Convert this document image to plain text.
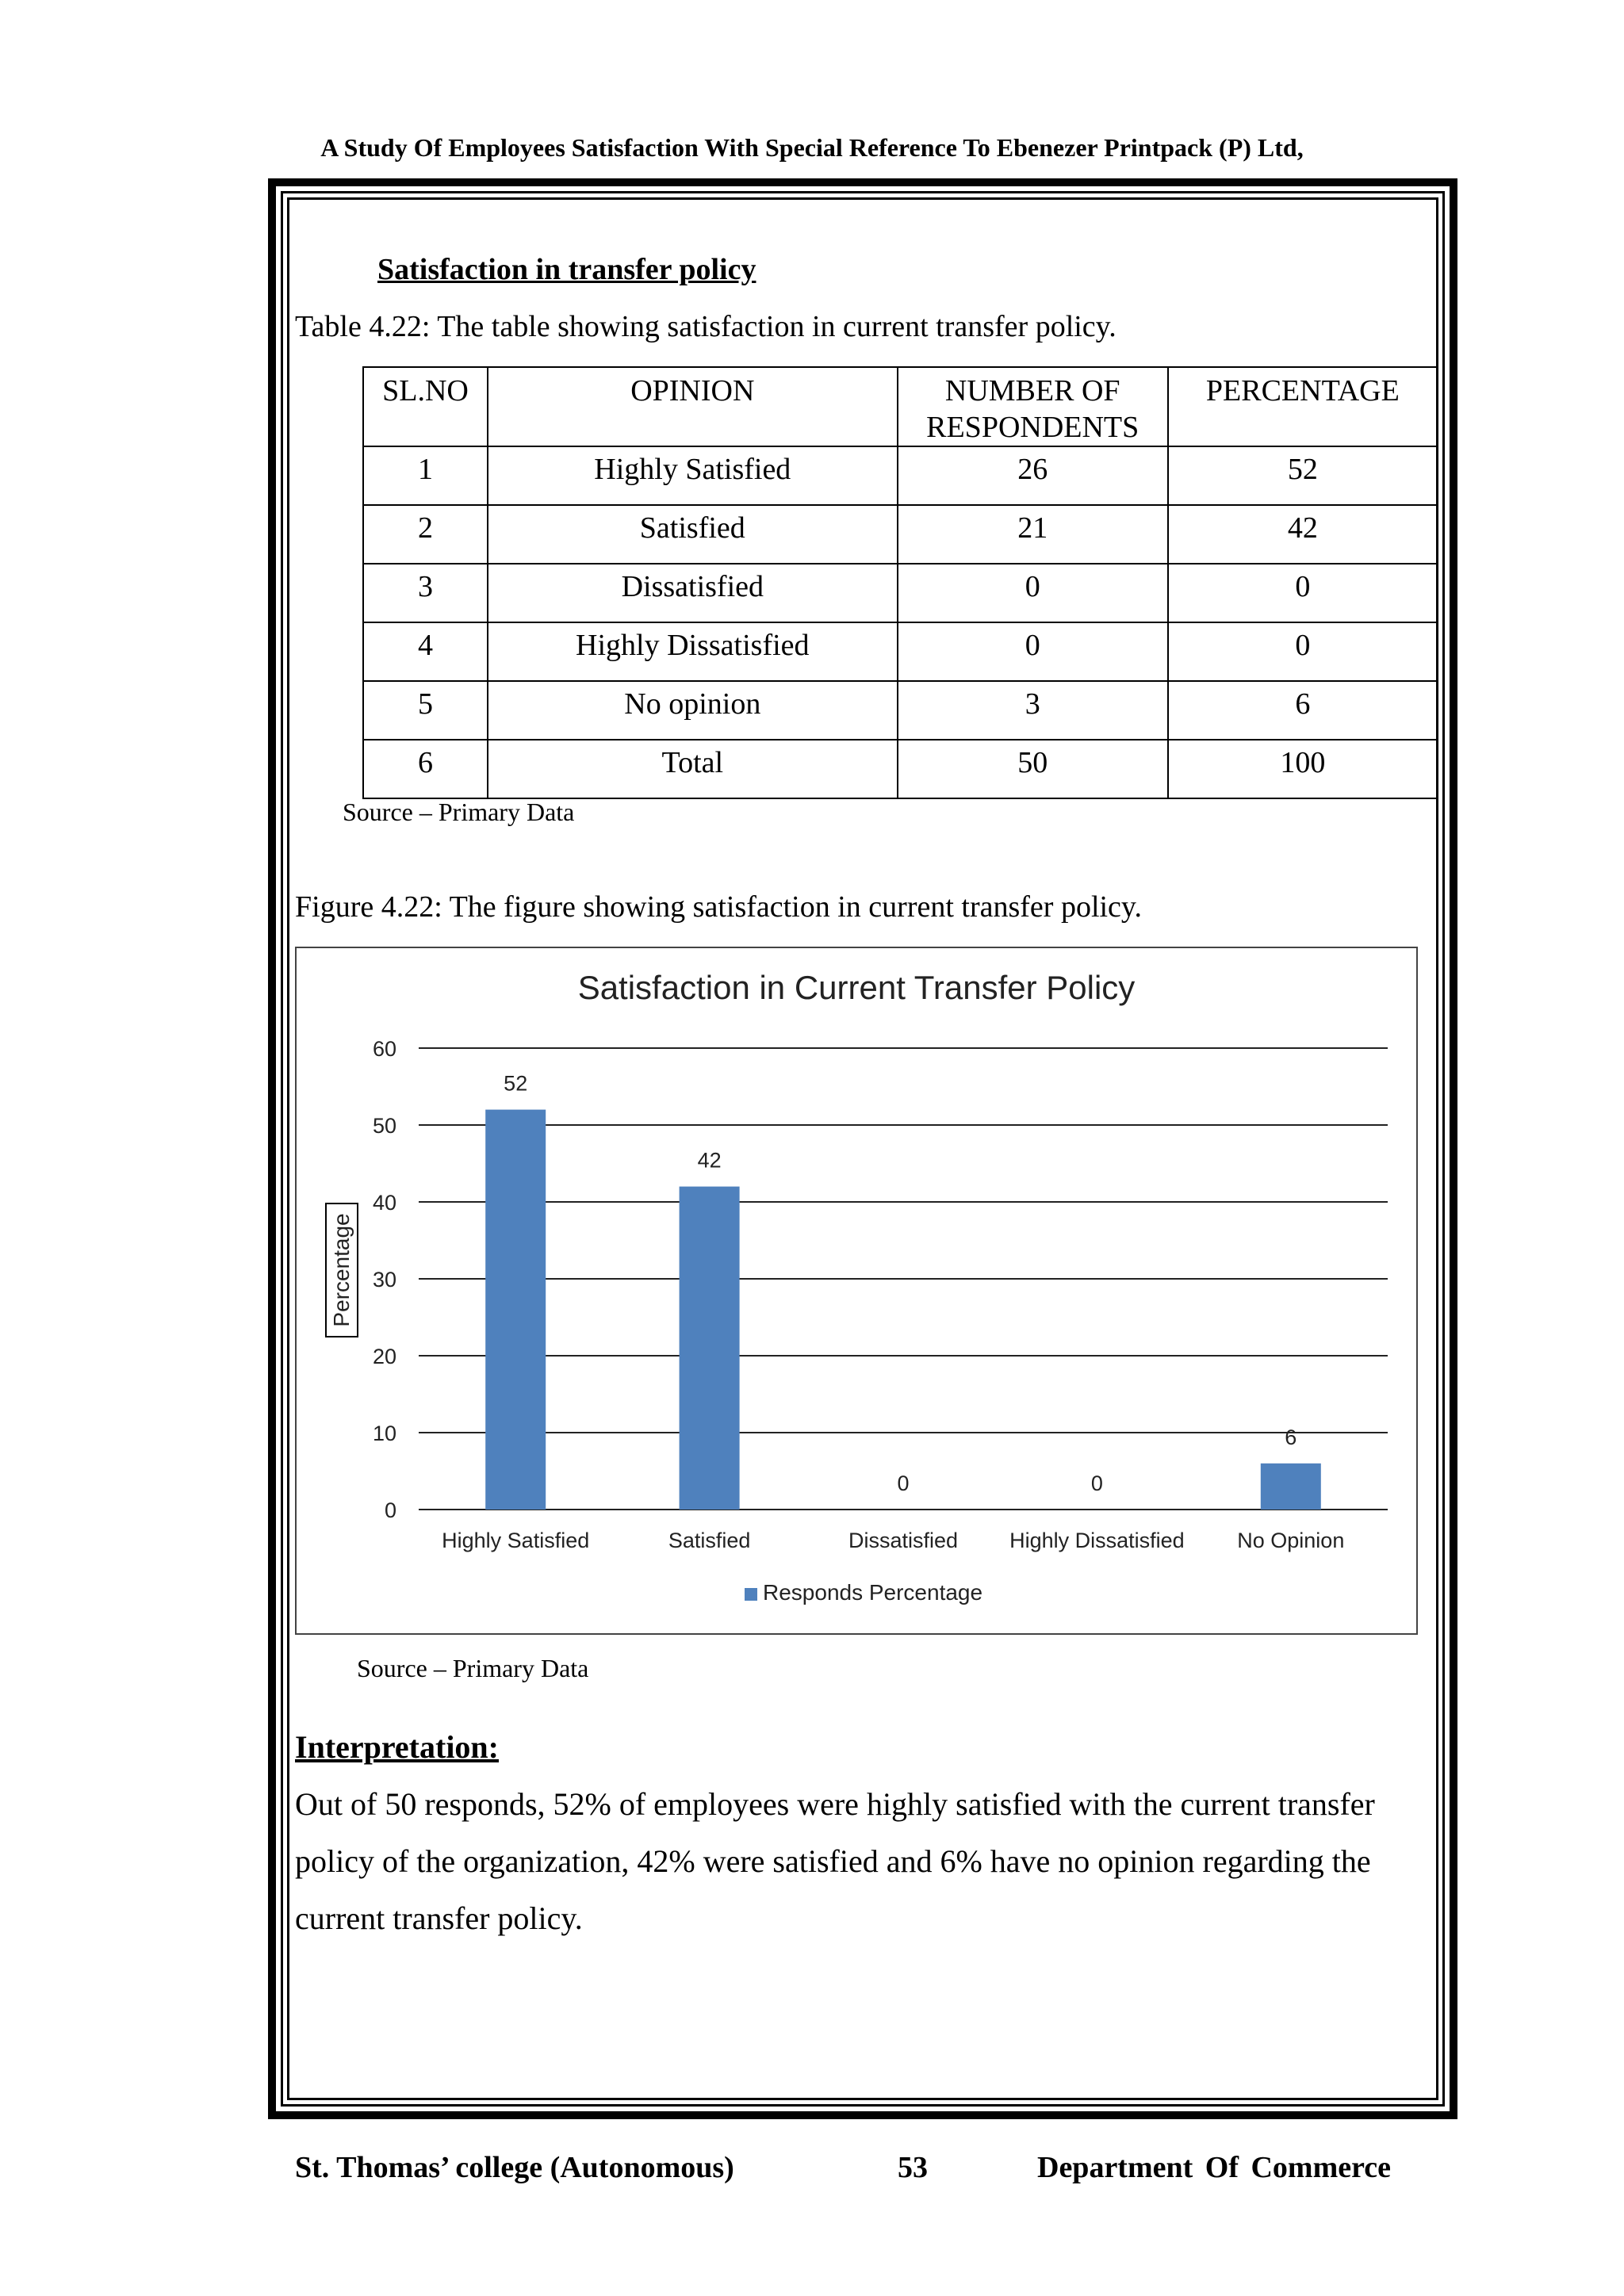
A Study Of Employees Satisfaction With Special Reference To Ebenezer Printpack (P) Ltd,
Satisfaction in transfer policy
Table 4.22: The table showing satisfaction in current transfer policy.
SL.NO	OPINION	NUMBER OF RESPONDENTS	PERCENTAGE
1	Highly Satisfied	26	52
2	Satisfied	21	42
3	Dissatisfied	0	0
4	Highly Dissatisfied	0	0
5	No opinion	3	6
6	Total	50	100
Source – Primary Data
Figure 4.22: The figure showing satisfaction in current transfer policy.
Satisfaction in Current Transfer Policy
0
10
20
30
40
50
60
52
42
0	0
6
Highly Satisfied	Satisfied	Dissatisfied Highly Dissatisfied No Opinion
Percentage
Responds Percentage
Source – Primary Data
Interpretation:
Out of 50 responds, 52% of employees were highly satisfied with the current transfer policy of the organization, 42% were satisfied and 6% have no opinion regarding the current transfer policy.
St. Thomas’ college (Autonomous)	53	Department Of Commerce
